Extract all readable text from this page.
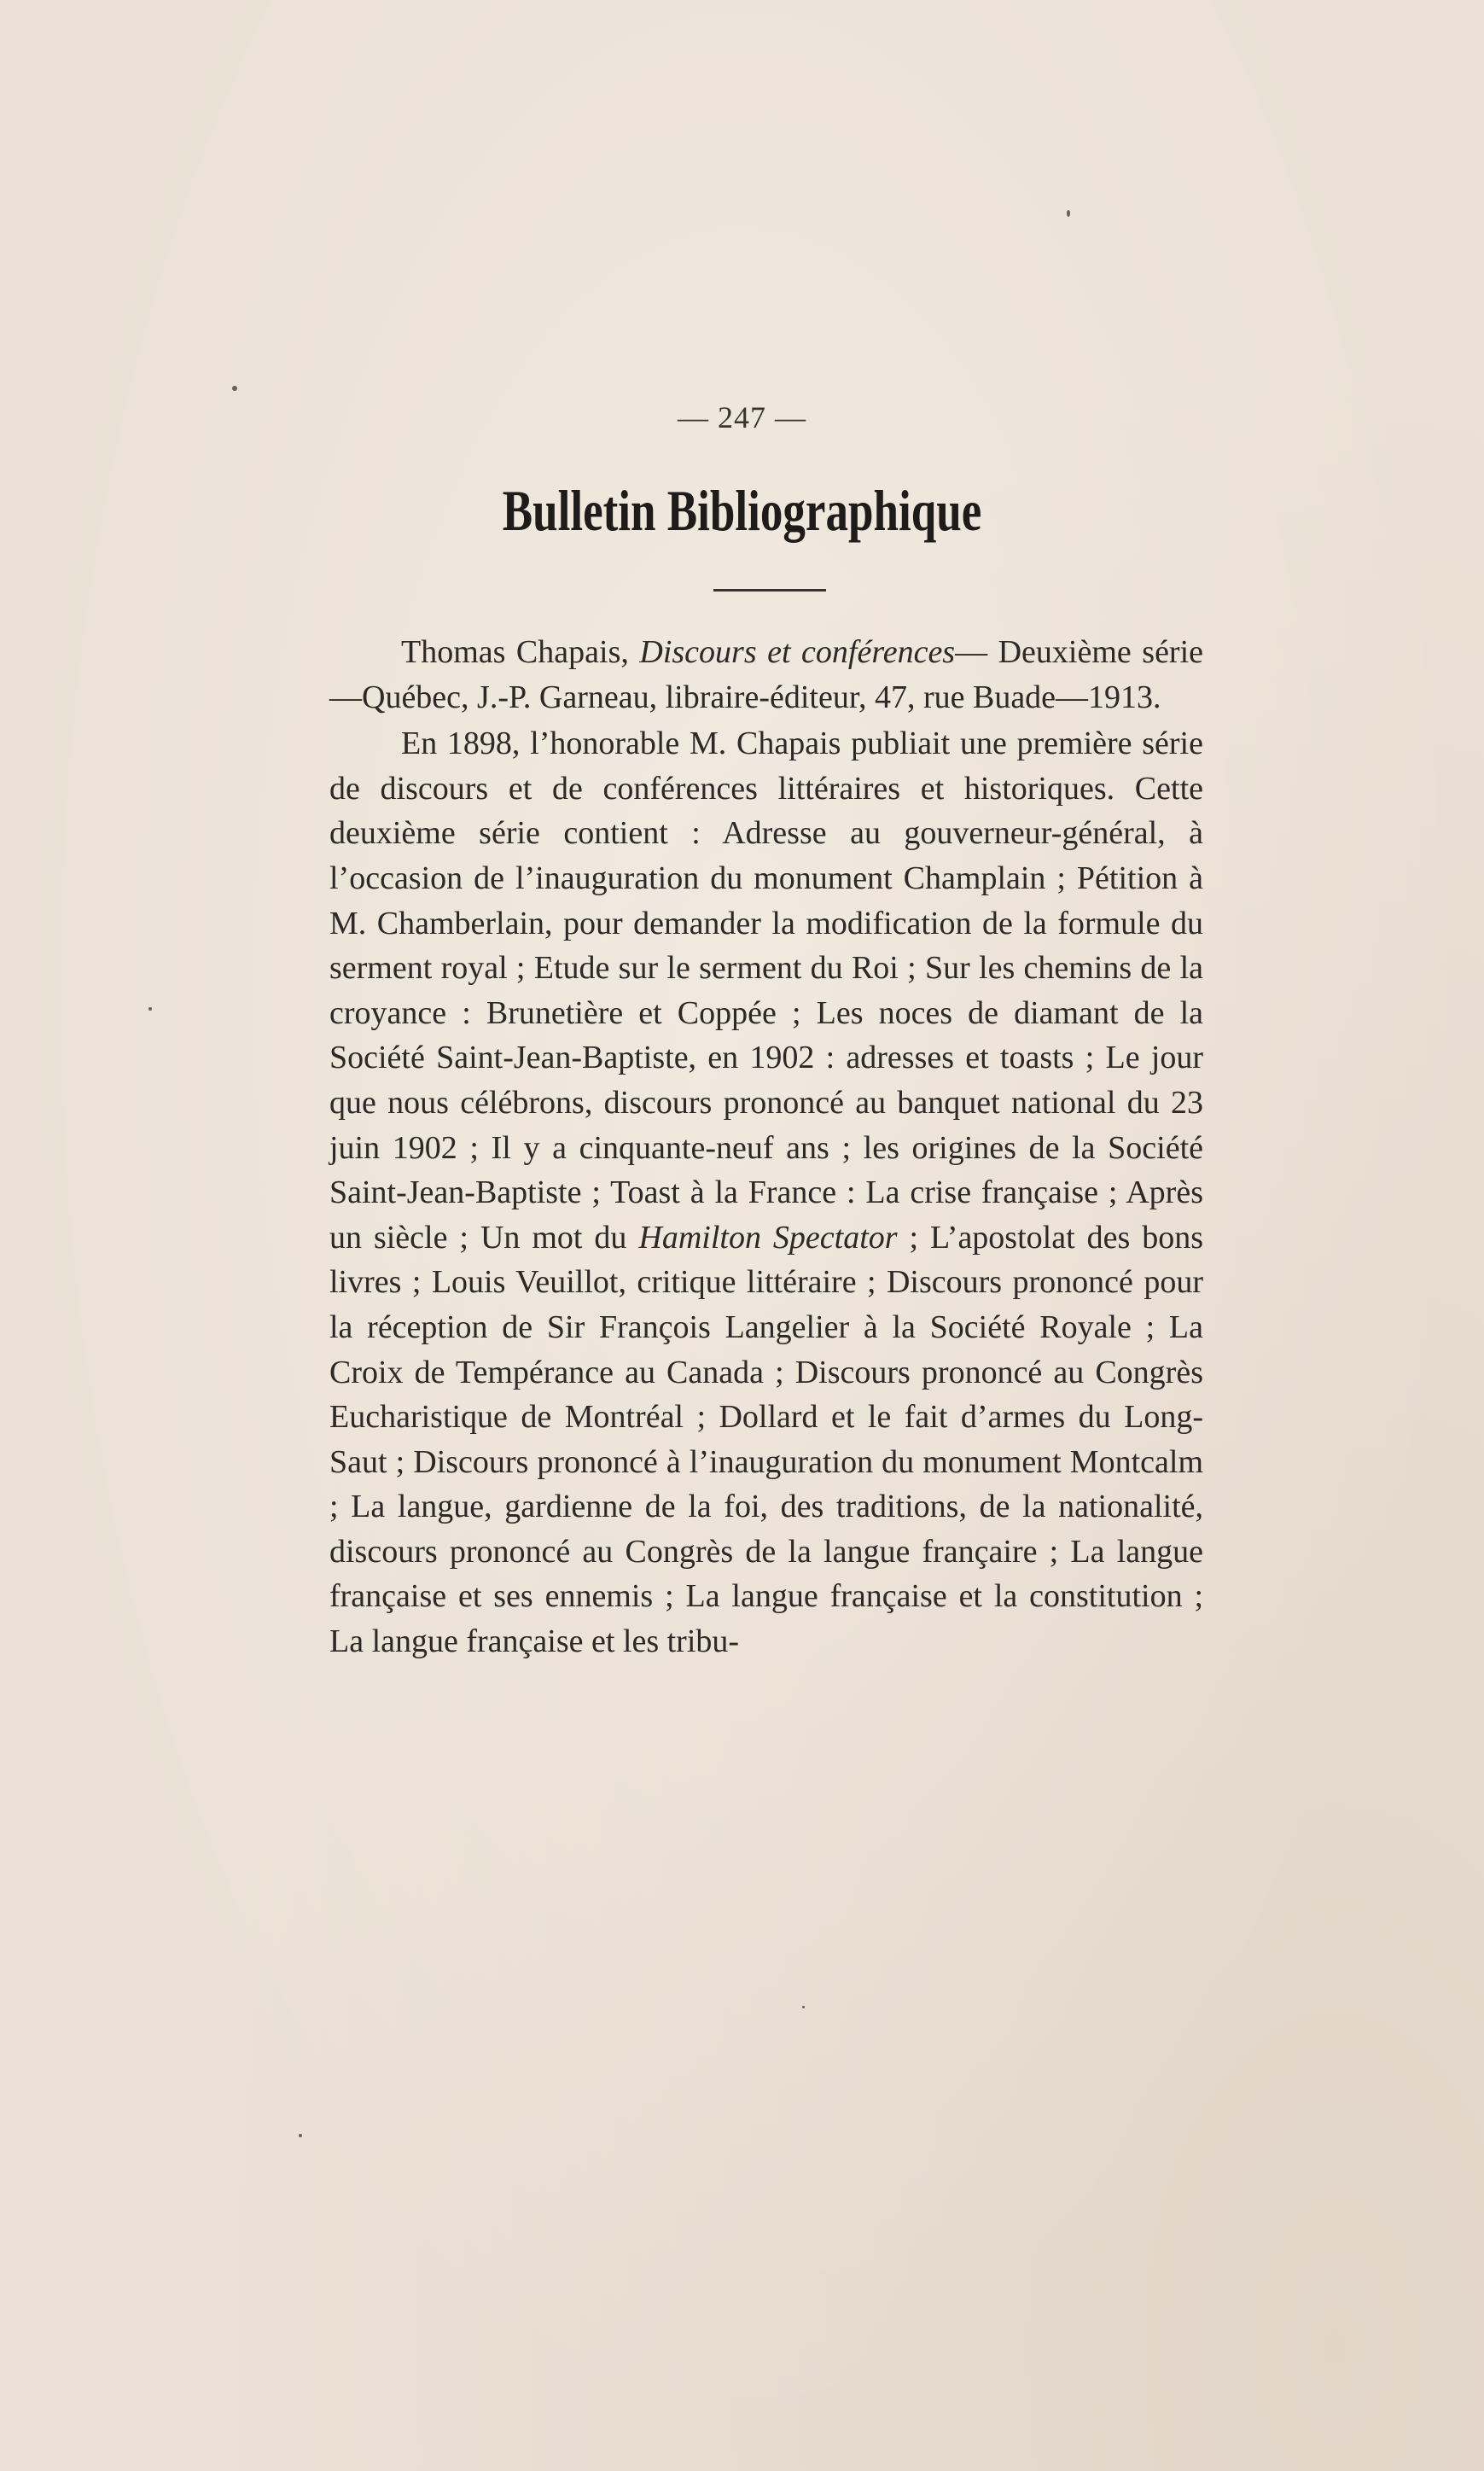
— 247 —
Bulletin Bibliographique

Thomas Chapais, Discours et conférences— Deuxième série—Québec, J.-P. Garneau, libraire-éditeur, 47, rue Buade—1913.

En 1898, l’honorable M. Chapais publiait une première série de discours et de conférences littéraires et historiques. Cette deuxième série contient : Adresse au gouverneur-général, à l’occasion de l’inauguration du monument Champlain ; Pétition à M. Chamberlain, pour demander la modification de la formule du serment royal ; Etude sur le serment du Roi ; Sur les chemins de la croyance : Brunetière et Coppée ; Les noces de diamant de la Société Saint-Jean-Baptiste, en 1902 : adresses et toasts ; Le jour que nous célébrons, discours prononcé au banquet national du 23 juin 1902 ; Il y a cinquante-neuf ans ; les origines de la Société Saint-Jean-Baptiste ; Toast à la France : La crise française ; Après un siècle ; Un mot du Hamilton Spectator ; L’apostolat des bons livres ; Louis Veuillot, critique littéraire ; Discours prononcé pour la réception de Sir François Langelier à la Société Royale ; La Croix de Tempérance au Canada ; Discours prononcé au Congrès Eucharistique de Montréal ; Dollard et le fait d’armes du Long-Saut ; Discours prononcé à l’inauguration du monument Montcalm ; La langue, gardienne de la foi, des traditions, de la nationalité, discours prononcé au Congrès de la langue françaire ; La langue française et ses ennemis ; La langue française et la constitution ; La langue française et les tribu-
